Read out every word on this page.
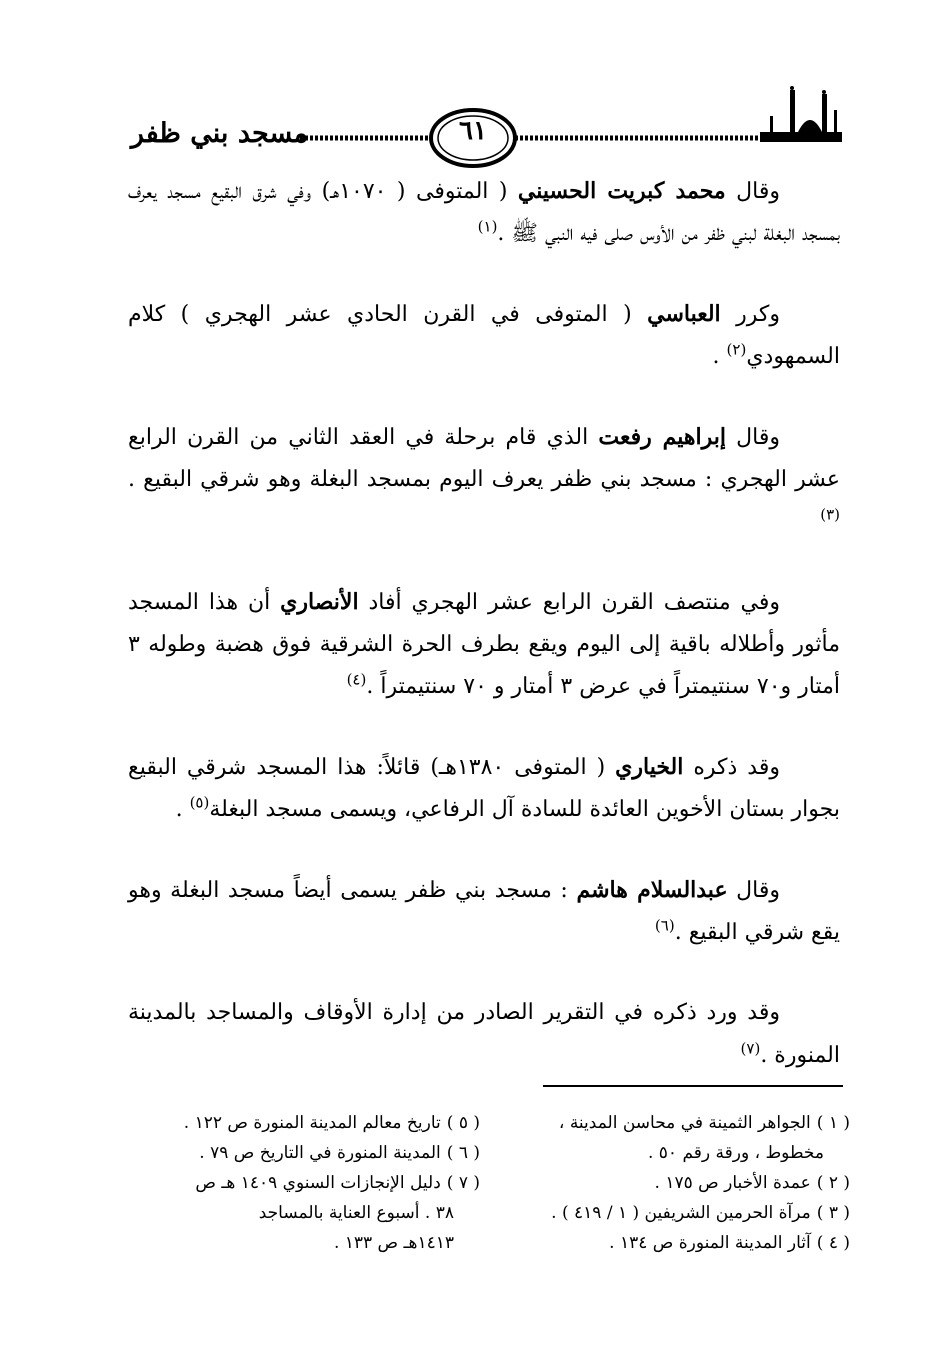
مسجد بني ظفر	٦١

وقال محمد كبريت الحسيني ( المتوفى ( ١٠٧٠هـ) وفي شرق البقيع مسجد يعرف بمسجد البغلة لبني ظفر من الأوس صلى فيه النبي ﷺ .$^{(١)}$

وكرر العباسي ( المتوفى في القرن الحادي عشر الهجري ) كلام السمهودي$^{(٢)}$ .

وقال إبراهيم رفعت الذي قام برحلة في العقد الثاني من القرن الرابع عشر الهجري : مسجد بني ظفر يعرف اليوم بمسجد البغلة وهو شرقي البقيع .$^{(٣)}$

وفي منتصف القرن الرابع عشر الهجري أفاد الأنصاري أن هذا المسجد مأثور وأطلاله باقية إلى اليوم ويقع بطرف الحرة الشرقية فوق هضبة وطوله ٣ أمتار و٧٠ سنتيمتراً في عرض ٣ أمتار و ٧٠ سنتيمتراً .$^{(٤)}$

وقد ذكره الخياري ( المتوفى ١٣٨٠هـ) قائلاً: هذا المسجد شرقي البقيع بجوار بستان الأخوين العائدة للسادة آل الرفاعي، ويسمى مسجد البغلة$^{(٥)}$ .

وقال عبدالسلام هاشم : مسجد بني ظفر يسمى أيضاً مسجد البغلة وهو يقع شرقي البقيع .$^{(٦)}$

وقد ورد ذكره في التقرير الصادر من إدارة الأوقاف والمساجد بالمدينة المنورة .$^{(٧)}$

( ١ )الجواهر الثمينة في محاسن المدينة ،
مخطوط ، ورقة رقم ٥٠ .
( ٢ )عمدة الأخبار ص ١٧٥ .
( ٣ )مرآة الحرمين الشريفين ( ١ / ٤١٩ ) .
( ٤ )آثار المدينة المنورة ص ١٣٤ .
( ٥ )تاريخ معالم المدينة المنورة ص ١٢٢ .
( ٦ )المدينة المنورة في التاريخ ص ٧٩ .
( ٧ )دليل الإنجازات السنوي ١٤٠٩ هـ ص
٣٨ . أسبوع العناية بالمساجد
١٤١٣هـ ص ١٣٣ .
